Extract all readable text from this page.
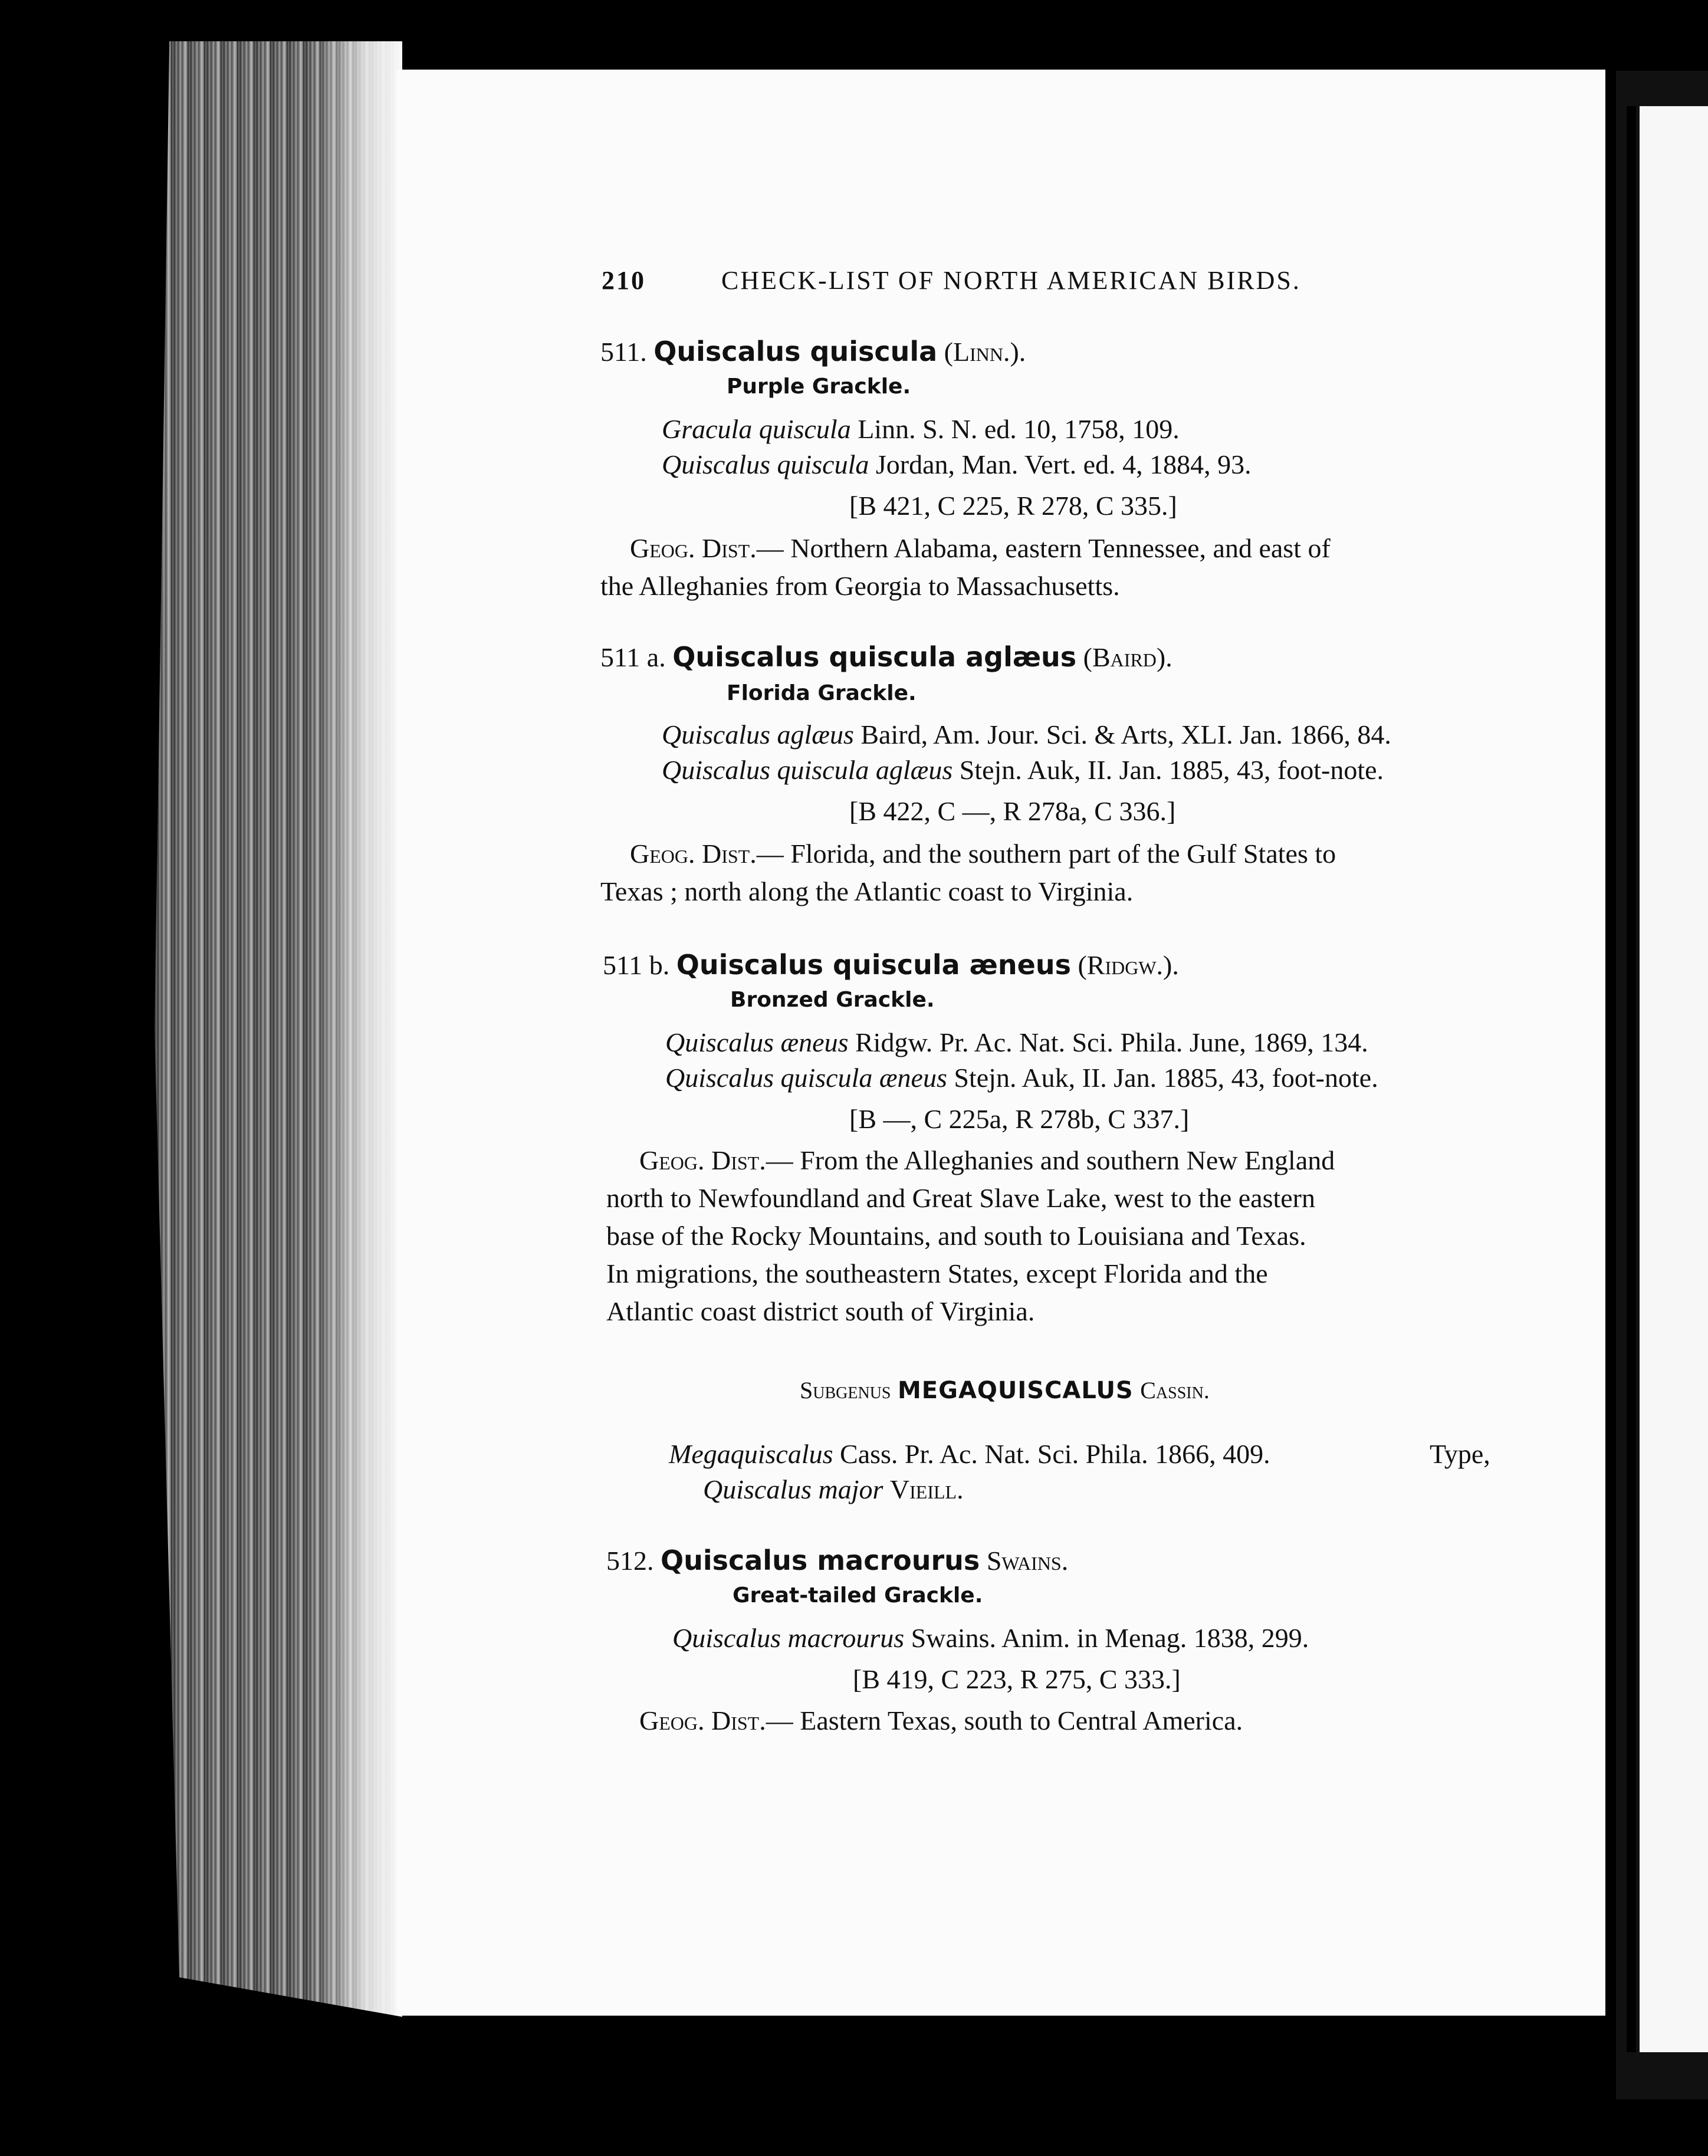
210	CHECK-LIST OF NORTH AMERICAN BIRDS.
511. Quiscalus quiscula (Linn.).
Purple Grackle.
Gracula quiscula Linn. S. N. ed. 10, 1758, 109.
Quiscalus quiscula Jordan, Man. Vert. ed. 4, 1884, 93.
[B 421, C 225, R 278, C 335.]
Geog. Dist.— Northern Alabama, eastern Tennessee, and east of
the Alleghanies from Georgia to Massachusetts.
511 a. Quiscalus quiscula aglæus (Baird).
Florida Grackle.
Quiscalus aglæus Baird, Am. Jour. Sci. & Arts, XLI. Jan. 1866, 84.
Quiscalus quiscula aglæus Stejn. Auk, II. Jan. 1885, 43, foot-note.
[B 422, C —, R 278a, C 336.]
Geog. Dist.— Florida, and the southern part of the Gulf States to
Texas ; north along the Atlantic coast to Virginia.
511 b. Quiscalus quiscula æneus (Ridgw.).
Bronzed Grackle.
Quiscalus æneus Ridgw. Pr. Ac. Nat. Sci. Phila. June, 1869, 134.
Quiscalus quiscula æneus Stejn. Auk, II. Jan. 1885, 43, foot-note.
[B —, C 225a, R 278b, C 337.]
Geog. Dist.— From the Alleghanies and southern New England
north to Newfoundland and Great Slave Lake, west to the eastern
base of the Rocky Mountains, and south to Louisiana and Texas.
In migrations, the southeastern States, except Florida and the
Atlantic coast district south of Virginia.
Subgenus MEGAQUISCALUS Cassin.
Megaquiscalus Cass. Pr. Ac. Nat. Sci. Phila. 1866, 409.	Type,
Quiscalus major Vieill.
512. Quiscalus macrourus Swains.
Great-tailed Grackle.
Quiscalus macrourus Swains. Anim. in Menag. 1838, 299.
[B 419, C 223, R 275, C 333.]
Geog. Dist.— Eastern Texas, south to Central America.
